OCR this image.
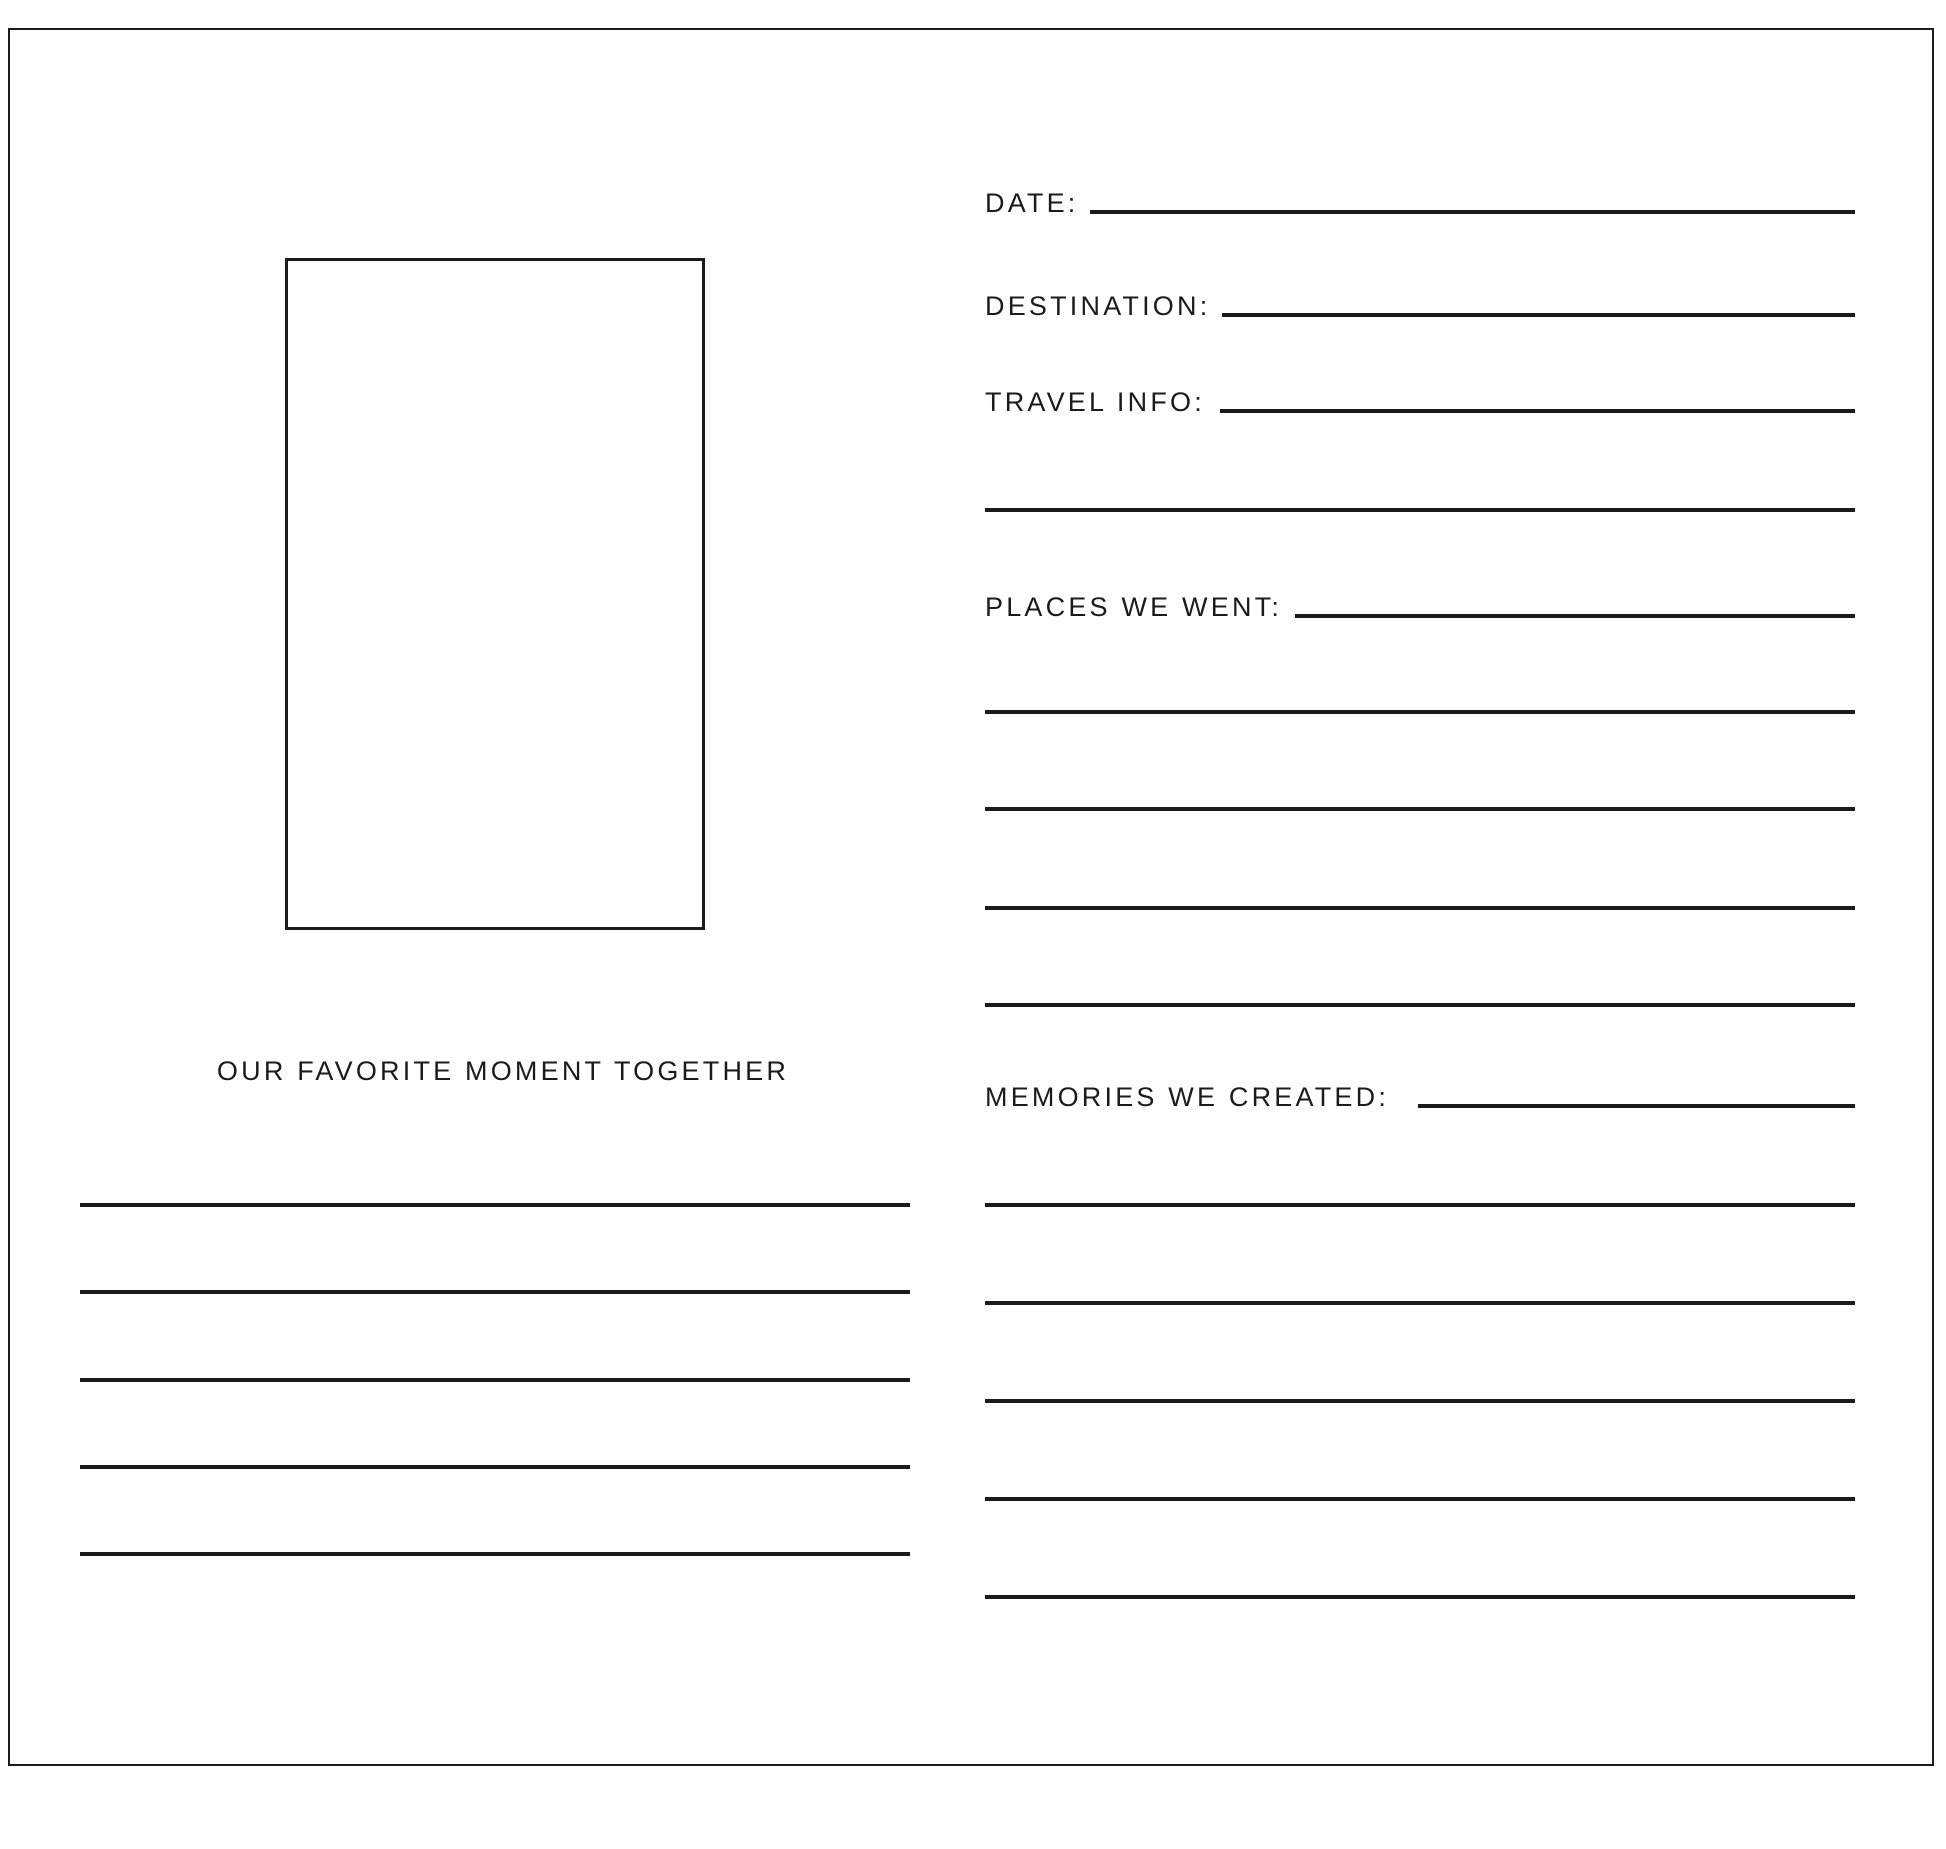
OUR FAVORITE MOMENT TOGETHER
DATE:
DESTINATION:
TRAVEL INFO:
PLACES WE WENT:
MEMORIES WE CREATED:
